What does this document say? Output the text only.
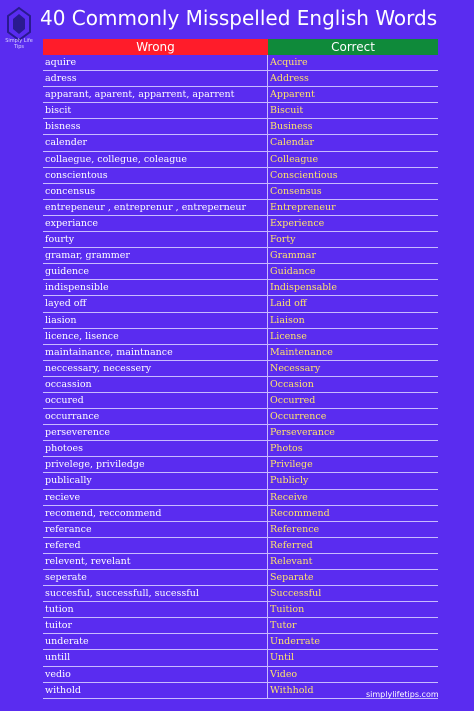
Simply Life Tips
40 Commonly Misspelled English Words
Wrong	Correct
aquire	Acquire
adress	Address
apparant, aparent, apparrent, aparrent	Apparent
biscit	Biscuit
bisness	Business
calender	Calendar
collaegue, collegue, coleague	Colleague
conscientous	Conscientious
concensus	Consensus
entrepeneur , entreprenur , entreperneur	Entrepreneur
experiance	Experience
fourty	Forty
gramar, grammer	Grammar
guidence	Guidance
indispensible	Indispensable
layed off	Laid off
liasion	Liaison
licence, lisence	License
maintainance, maintnance	Maintenance
neccessary, necessery	Necessary
occassion	Occasion
occured	Occurred
occurrance	Occurrence
perseverence	Perseverance
photoes	Photos
privelege, priviledge	Privilege
publically	Publicly
recieve	Receive
recomend, reccommend	Recommend
referance	Reference
refered	Referred
relevent, revelant	Relevant
seperate	Separate
succesful, successfull, sucessful	Successful
tution	Tuition
tuitor	Tutor
underate	Underrate
untill	Until
vedio	Video
withold	Withhold	simplylifetips.com
